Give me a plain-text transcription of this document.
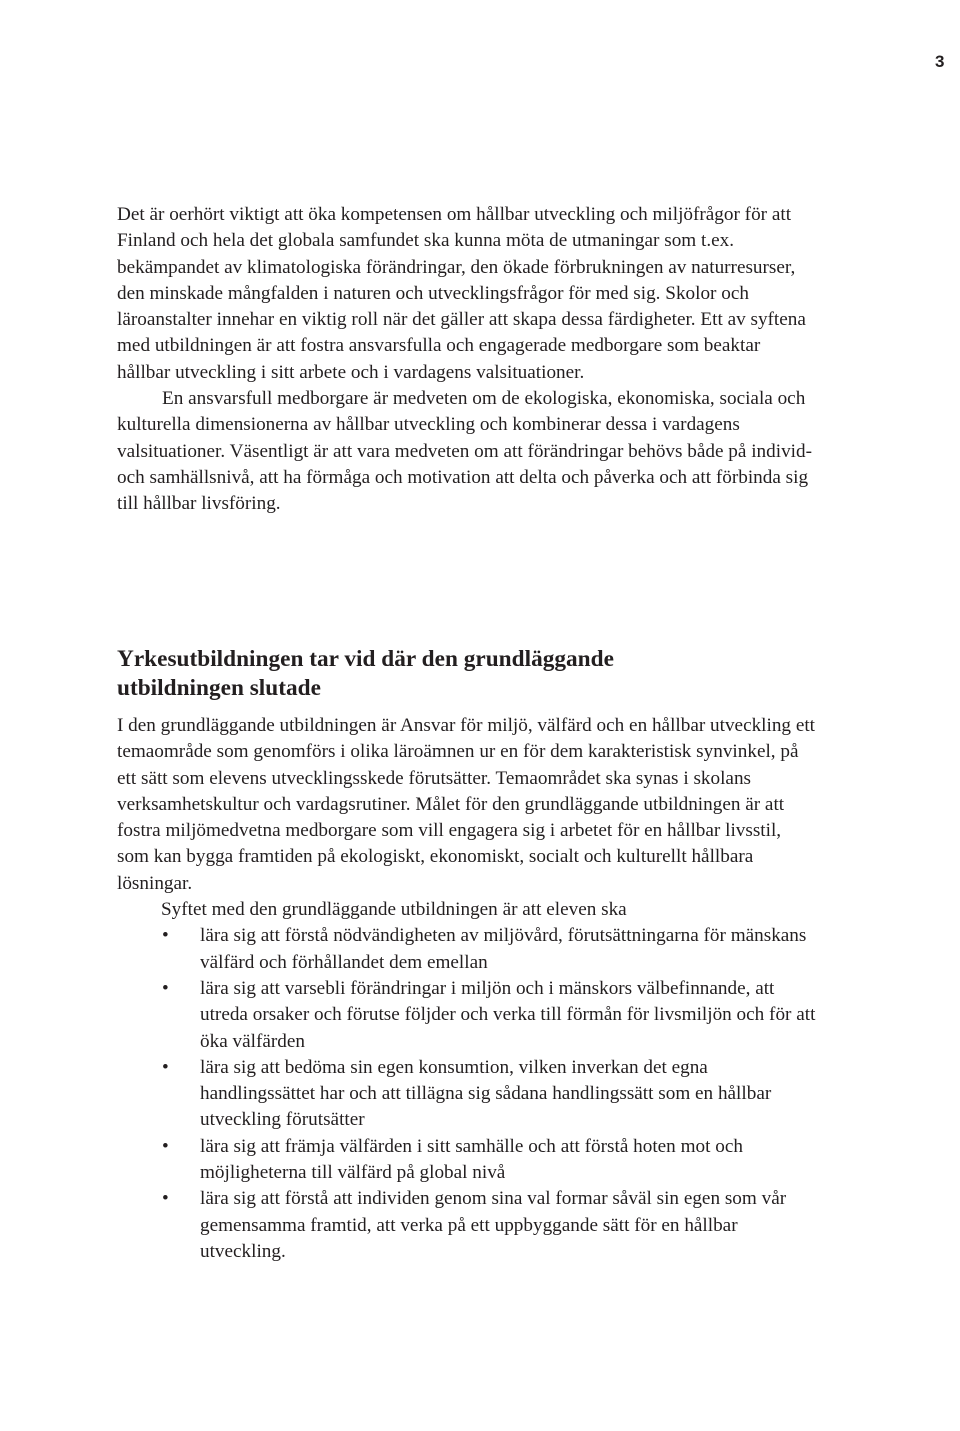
3

Det är oerhört viktigt att öka kompetensen om hållbar utveckling och miljöfrågor för att Finland och hela det globala samfundet ska kunna möta de utmaningar som t.ex. bekämpandet av klimatologiska förändringar, den ökade förbrukningen av naturresurser, den minskade mångfalden i naturen och utvecklingsfrågor för med sig. Skolor och läroanstalter innehar en viktig roll när det gäller att skapa dessa färdigheter. Ett av syftena med utbildningen är att fostra ansvarsfulla och engagerade medborgare som beaktar hållbar utveckling i sitt arbete och i vardagens valsituationer.

En ansvarsfull medborgare är medveten om de ekologiska, ekonomiska, sociala och kulturella dimensionerna av hållbar utveckling och kombinerar dessa i vardagens valsituationer. Väsentligt är att vara medveten om att förändringar behövs både på individ- och samhällsnivå, att ha förmåga och motivation att delta och påverka och att förbinda sig till hållbar livsföring.

Yrkesutbildningen tar vid där den grundläggande
utbildningen slutade

I den grundläggande utbildningen är Ansvar för miljö, välfärd och en hållbar utveckling ett temaområde som genomförs i olika läroämnen ur en för dem karakteristisk synvinkel, på ett sätt som elevens utvecklingsskede förutsätter. Temaområdet ska synas i skolans verksamhetskultur och vardagsrutiner. Målet för den grundläggande utbildningen är att fostra miljömedvetna medborgare som vill engagera sig i arbetet för en hållbar livsstil, som kan bygga framtiden på ekologiskt, ekonomiskt, socialt och kulturellt hållbara lösningar.

Syftet med den grundläggande utbildningen är att eleven ska

• lära sig att förstå nödvändigheten av miljövård, förutsättningarna för mänskans välfärd och förhållandet dem emellan
• lära sig att varsebli förändringar i miljön och i mänskors välbefinnande, att utreda orsaker och förutse följder och verka till förmån för livsmiljön och för att öka välfärden
• lära sig att bedöma sin egen konsumtion, vilken inverkan det egna handlingssättet har och att tillägna sig sådana handlingssätt som en hållbar utveckling förutsätter
• lära sig att främja välfärden i sitt samhälle och att förstå hoten mot och möjligheterna till välfärd på global nivå
• lära sig att förstå att individen genom sina val formar såväl sin egen som vår gemensamma framtid, att verka på ett uppbyggande sätt för en hållbar utveckling.
